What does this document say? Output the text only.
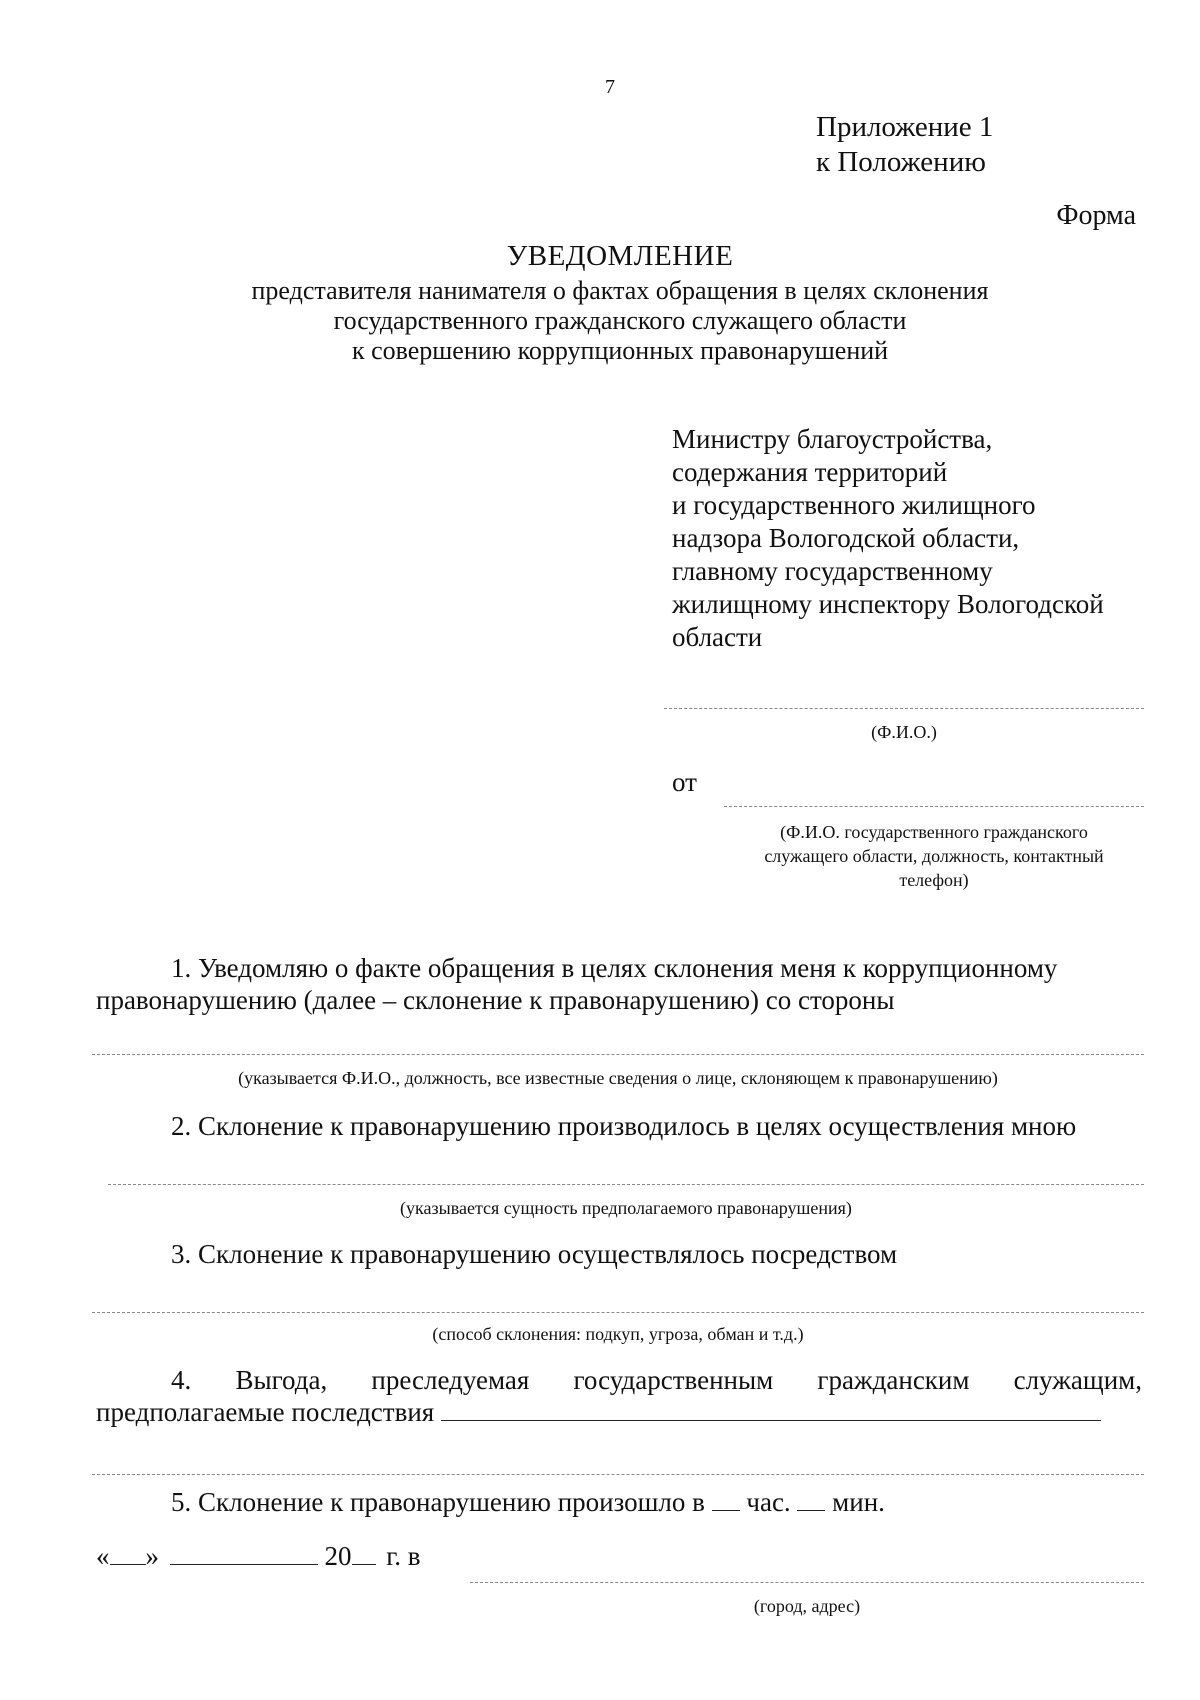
7
Приложение 1
к Положению
Форма
УВЕДОМЛЕНИЕ
представителя нанимателя о фактах обращения в целях склонения
государственного гражданского служащего области
к совершению коррупционных правонарушений
Министру благоустройства,
содержания территорий
и государственного жилищного
надзора Вологодской области,
главному государственному
жилищному инспектору Вологодской
области
(Ф.И.О.)
от
(Ф.И.О. государственного гражданского
служащего области, должность, контактный
телефон)
1. Уведомляю о факте обращения в целях склонения меня к коррупционному
правонарушению (далее – склонение к правонарушению) со стороны
(указывается Ф.И.О., должность, все известные сведения о лице, склоняющем к правонарушению)
2. Склонение к правонарушению производилось в целях осуществления мною
(указывается сущность предполагаемого правонарушения)
3. Склонение к правонарушению осуществлялось посредством
(способ склонения: подкуп, угроза, обман и т.д.)
4. Выгода, преследуемая государственным гражданским служащим,
предполагаемые последствия
5. Склонение к правонарушению произошло в час. мин.
« »	20 г. в
(город, адрес)
